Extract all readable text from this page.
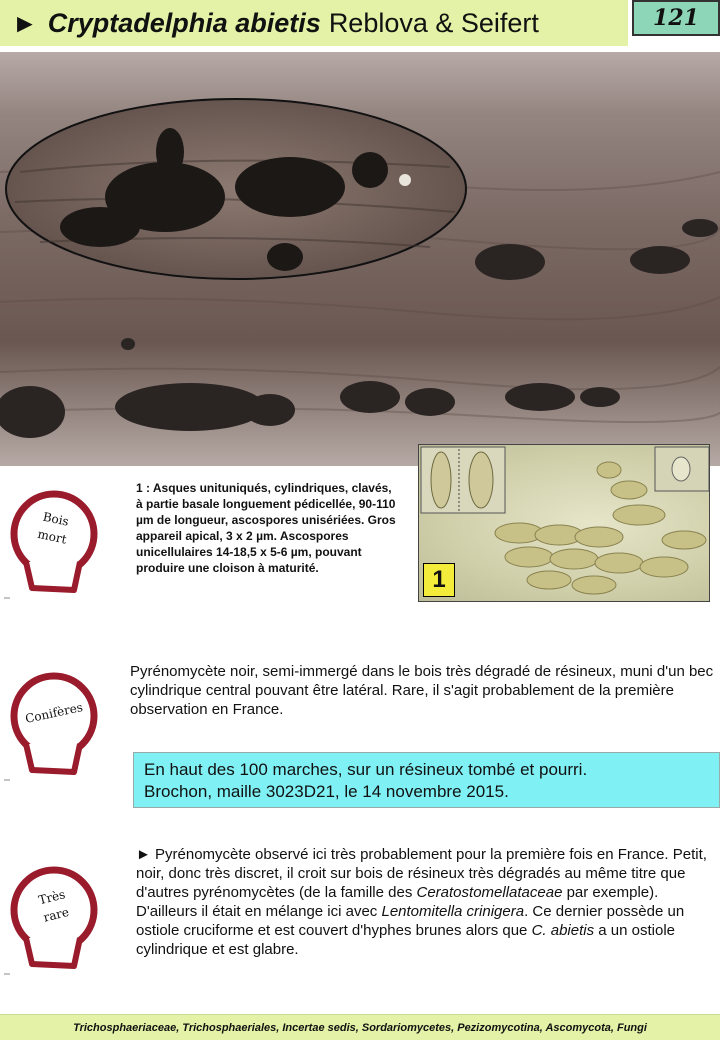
► Cryptadelphia abietis Reblova & Seifert	121
1 : Asques unituniqués, cylindriques, clavés, à partie basale longuement pédicellée, 90-110 µm de longueur, ascospores unisériées. Gros appareil apical, 3 x 2 µm. Ascospores unicellulaires 14-18,5 x 5-6 µm, pouvant produire une cloison à maturité.	1
Bois mort
Conifères
Très rare
Pyrénomycète noir, semi-immergé dans le bois très dégradé de résineux, muni d'un bec cylindrique central pouvant être latéral. Rare, il s'agit probablement de la première observation en France.
En haut des 100 marches, sur un résineux tombé et pourri.
Brochon, maille 3023D21, le 14 novembre 2015.
► Pyrénomycète observé ici très probablement pour la première fois en France. Petit, noir, donc très discret, il croit sur bois de résineux très dégradés au même titre que d'autres pyrénomycètes (de la famille des Ceratostomellataceae par exemple). D'ailleurs il était en mélange ici avec Lentomitella crinigera. Ce dernier possède un ostiole cruciforme et est couvert d'hyphes brunes alors que C. abietis a un ostiole cylindrique et est glabre.
Trichosphaeriaceae, Trichosphaeriales, Incertae sedis, Sordariomycetes, Pezizomycotina, Ascomycota, Fungi
